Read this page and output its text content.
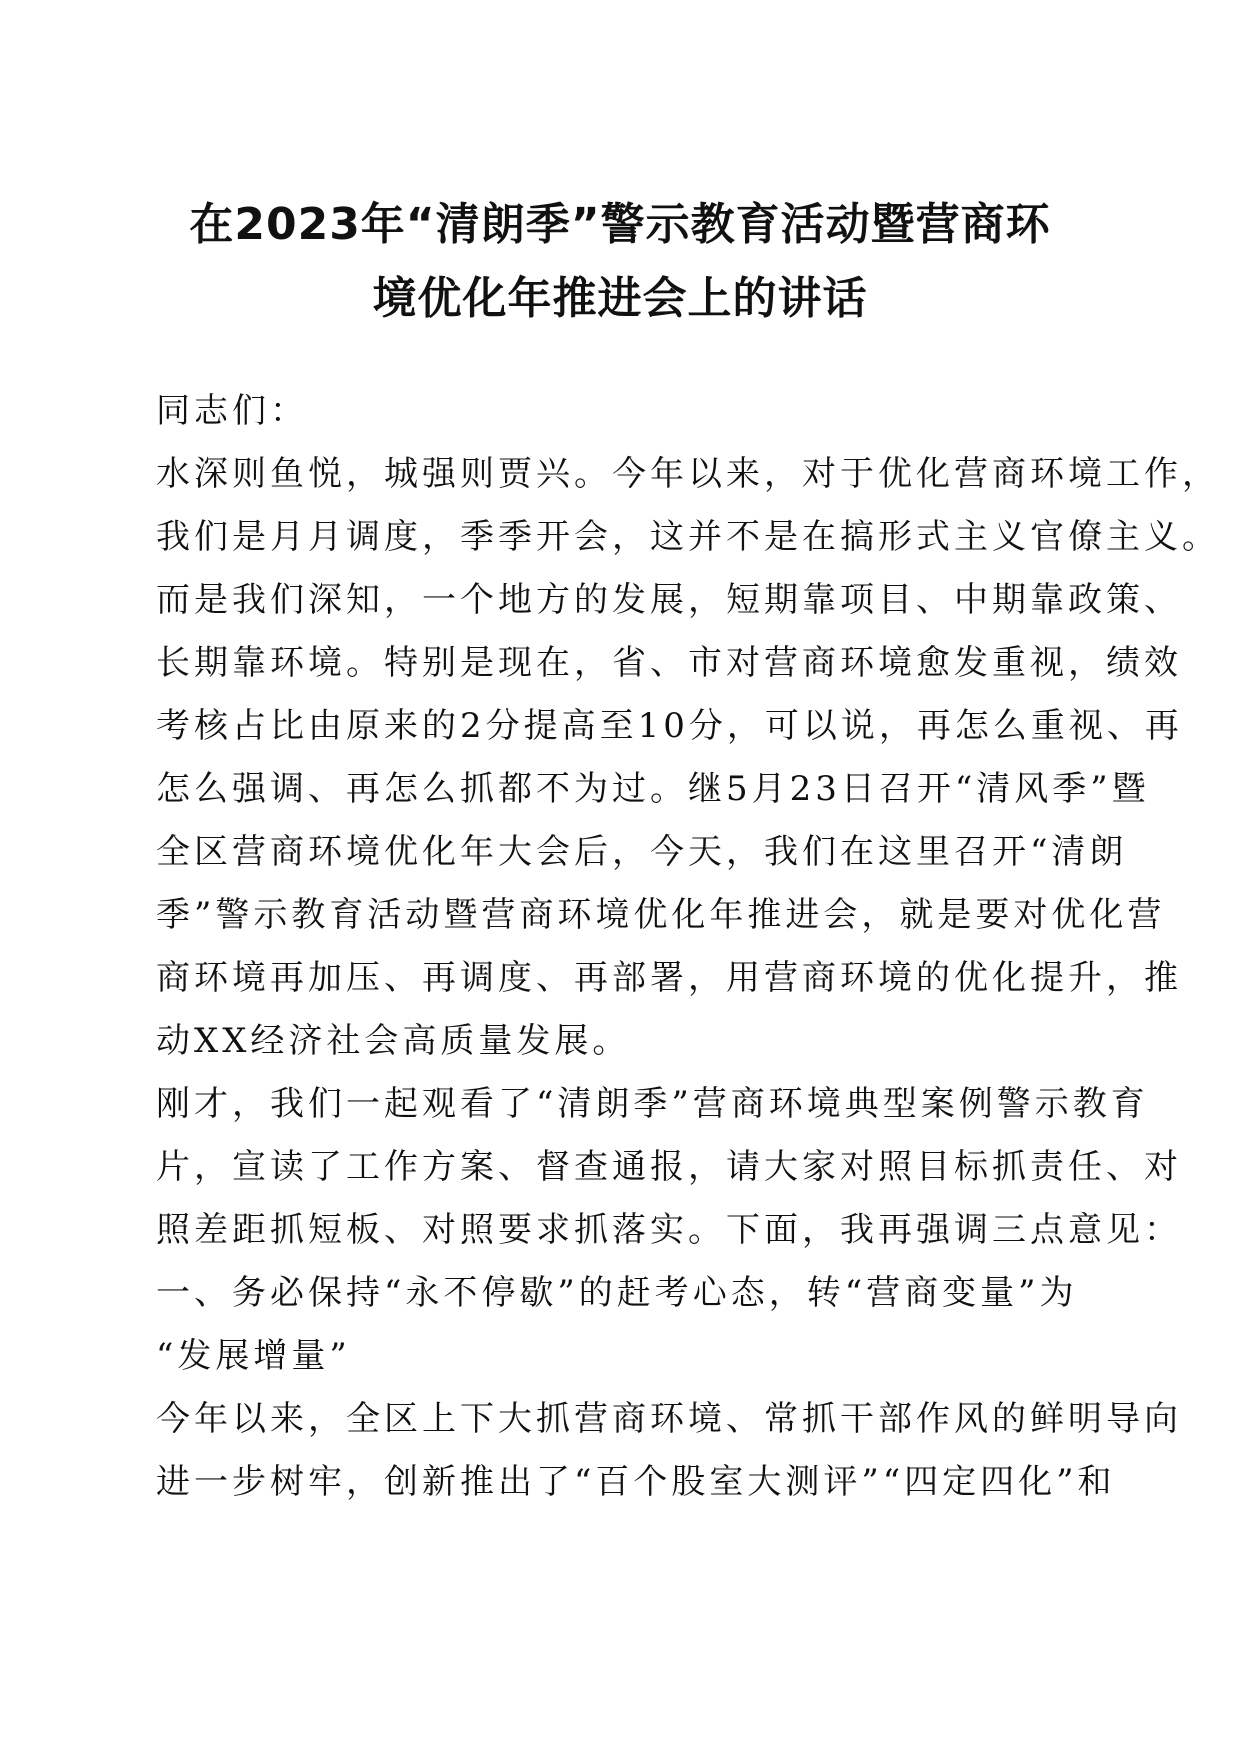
在2023年“清朗季”警示教育活动暨营商环
境优化年推进会上的讲话
同志们：
水深则鱼悦，城强则贾兴。今年以来，对于优化营商环境工作，
我们是月月调度，季季开会，这并不是在搞形式主义官僚主义。
而是我们深知，一个地方的发展，短期靠项目、中期靠政策、
长期靠环境。特别是现在，省、市对营商环境愈发重视，绩效
考核占比由原来的2分提高至10分，可以说，再怎么重视、再
怎么强调、再怎么抓都不为过。继5月23日召开“清风季”暨
全区营商环境优化年大会后，今天，我们在这里召开“清朗
季”警示教育活动暨营商环境优化年推进会，就是要对优化营
商环境再加压、再调度、再部署，用营商环境的优化提升，推
动XX经济社会高质量发展。
刚才，我们一起观看了“清朗季”营商环境典型案例警示教育
片，宣读了工作方案、督查通报，请大家对照目标抓责任、对
照差距抓短板、对照要求抓落实。下面，我再强调三点意见：
一、务必保持“永不停歇”的赶考心态，转“营商变量”为
“发展增量”
今年以来，全区上下大抓营商环境、常抓干部作风的鲜明导向
进一步树牢，创新推出了“百个股室大测评”“四定四化”和
